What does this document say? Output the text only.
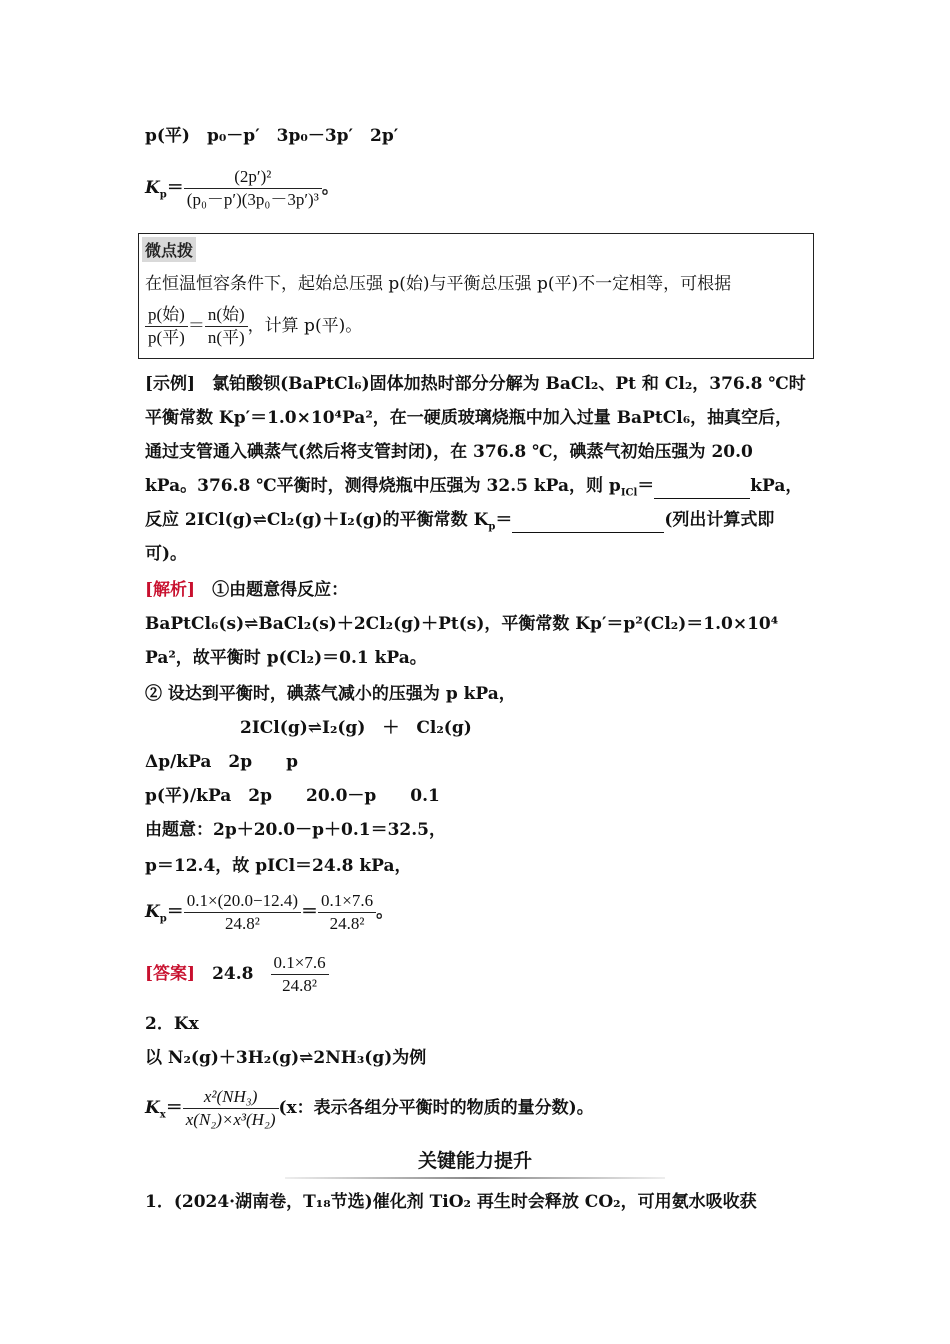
p(平)　p₀－p′　3p₀－3p′　2p′
$K_p= \frac{\text{(2p′)²}}{\text{(p₀－p′)(3p₀－3p′)³}}$ 。
微点拨
在恒温恒容条件下，起始总压强 p(始)与平衡总压强 p(平)不一定相等，可根据
$\frac{\text{p(始)}}{\text{p(平)}} = \frac{\text{n(始)}}{\text{n(平)}}$ ，计算 p(平)。
[示例]　氯铂酸钡(BaPtCl₆)固体加热时部分分解为 BaCl₂、Pt 和 Cl₂，376.8 ℃时
平衡常数 Kp′＝1.0×10⁴Pa²，在一硬质玻璃烧瓶中加入过量 BaPtCl₆，抽真空后，
通过支管通入碘蒸气(然后将支管封闭)，在 376.8 ℃，碘蒸气初始压强为 20.0
kPa。376.8 ℃平衡时，测得烧瓶中压强为 32.5 kPa，则 $p_{ICl}=$	kPa，
反应 2ICl(g)⇌Cl₂(g)＋I₂(g)的平衡常数 $K_p=$	(列出计算式即
可)。
[解析]　①由题意得反应：
BaPtCl₆(s)⇌BaCl₂(s)＋2Cl₂(g)＋Pt(s)，平衡常数 Kp′＝p²(Cl₂)＝1.0×10⁴
Pa²，故平衡时 p(Cl₂)＝0.1 kPa。
② 设达到平衡时，碘蒸气减小的压强为 p kPa，
2ICl(g)⇌I₂(g)　＋　Cl₂(g)
Δp/kPa　2p　　p
p(平)/kPa　2p　　20.0－p　　0.1
由题意：2p＋20.0－p＋0.1＝32.5，
p＝12.4，故 pICl＝24.8 kPa，
$K_p= \frac{0.1\times(20.0-12.4)}{\text{24.8²}} = \frac{0.1\times 7.6}{\text{24.8²}}$ 。
[答案]　24.8　 $\frac{0.1\times 7.6}{\text{24.8²}}$
2．Kx
以 N₂(g)＋3H₂(g)⇌2NH₃(g)为例
$K_x= \frac{\text{x²(NH₃)}}{\text{x(N₂)×x³(H₂)}} (x$：表示各组分平衡时的物质的量分数)。
关键能力提升
1．(2024·湖南卷，T₁₈节选)催化剂 TiO₂ 再生时会释放 CO₂，可用氨水吸收获
